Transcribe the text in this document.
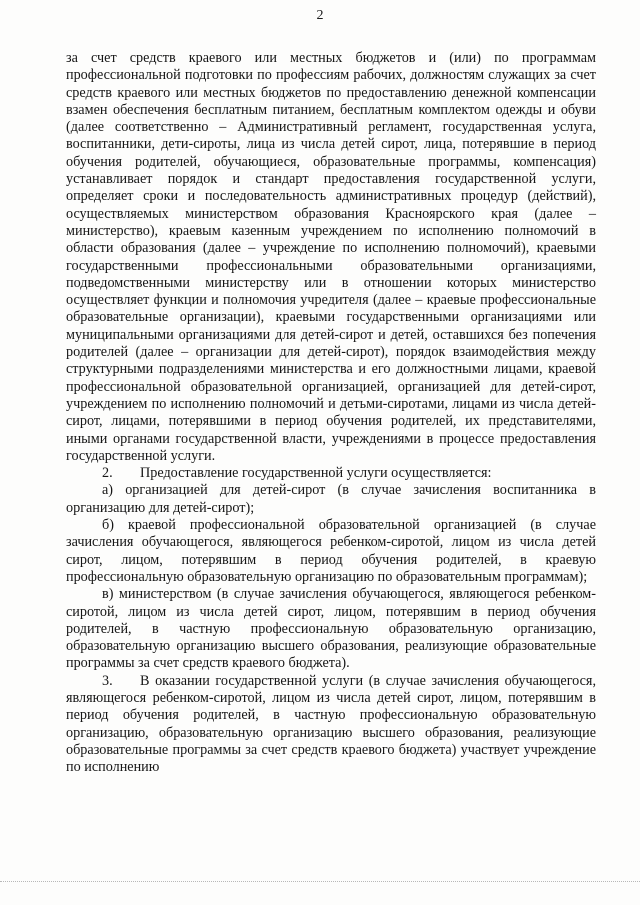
2

за счет средств краевого или местных бюджетов и (или) по программам профессиональной подготовки по профессиям рабочих, должностям служащих за счет средств краевого или местных бюджетов по предоставлению денежной компенсации взамен обеспечения бесплатным питанием, бесплатным комплектом одежды и обуви (далее соответственно – Административный регламент, государственная услуга, воспитанники, дети-сироты, лица из числа детей сирот, лица, потерявшие в период обучения родителей, обучающиеся, образовательные программы, компенсация) устанавливает порядок и стандарт предоставления государственной услуги, определяет сроки и последовательность административных процедур (действий), осуществляемых министерством образования Красноярского края (далее – министерство), краевым казенным учреждением по исполнению полномочий в области образования (далее – учреждение по исполнению полномочий), краевыми государственными профессиональными образовательными организациями, подведомственными министерству или в отношении которых министерство осуществляет функции и полномочия учредителя (далее – краевые профессиональные образовательные организации), краевыми государственными организациями или муниципальными организациями для детей-сирот и детей, оставшихся без попечения родителей (далее – организации для детей-сирот), порядок взаимодействия между структурными подразделениями министерства и его должностными лицами, краевой профессиональной образовательной организацией, организацией для детей-сирот, учреждением по исполнению полномочий и детьми-сиротами, лицами из числа детей-сирот, лицами, потерявшими в период обучения родителей, их представителями, иными органами государственной власти, учреждениями в процессе предоставления государственной услуги.

2. Предоставление государственной услуги осуществляется:

а) организацией для детей-сирот (в случае зачисления воспитанника в организацию для детей-сирот);

б) краевой профессиональной образовательной организацией (в случае зачисления обучающегося, являющегося ребенком-сиротой, лицом из числа детей сирот, лицом, потерявшим в период обучения родителей, в краевую профессиональную образовательную организацию по образовательным программам);

в) министерством (в случае зачисления обучающегося, являющегося ребенком-сиротой, лицом из числа детей сирот, лицом, потерявшим в период обучения родителей, в частную профессиональную образовательную организацию, образовательную организацию высшего образования, реализующие образовательные программы за счет средств краевого бюджета).

3. В оказании государственной услуги (в случае зачисления обучающегося, являющегося ребенком-сиротой, лицом из числа детей сирот, лицом, потерявшим в период обучения родителей, в частную профессиональную образовательную организацию, образовательную организацию высшего образования, реализующие образовательные программы за счет средств краевого бюджета) участвует учреждение по исполнению
